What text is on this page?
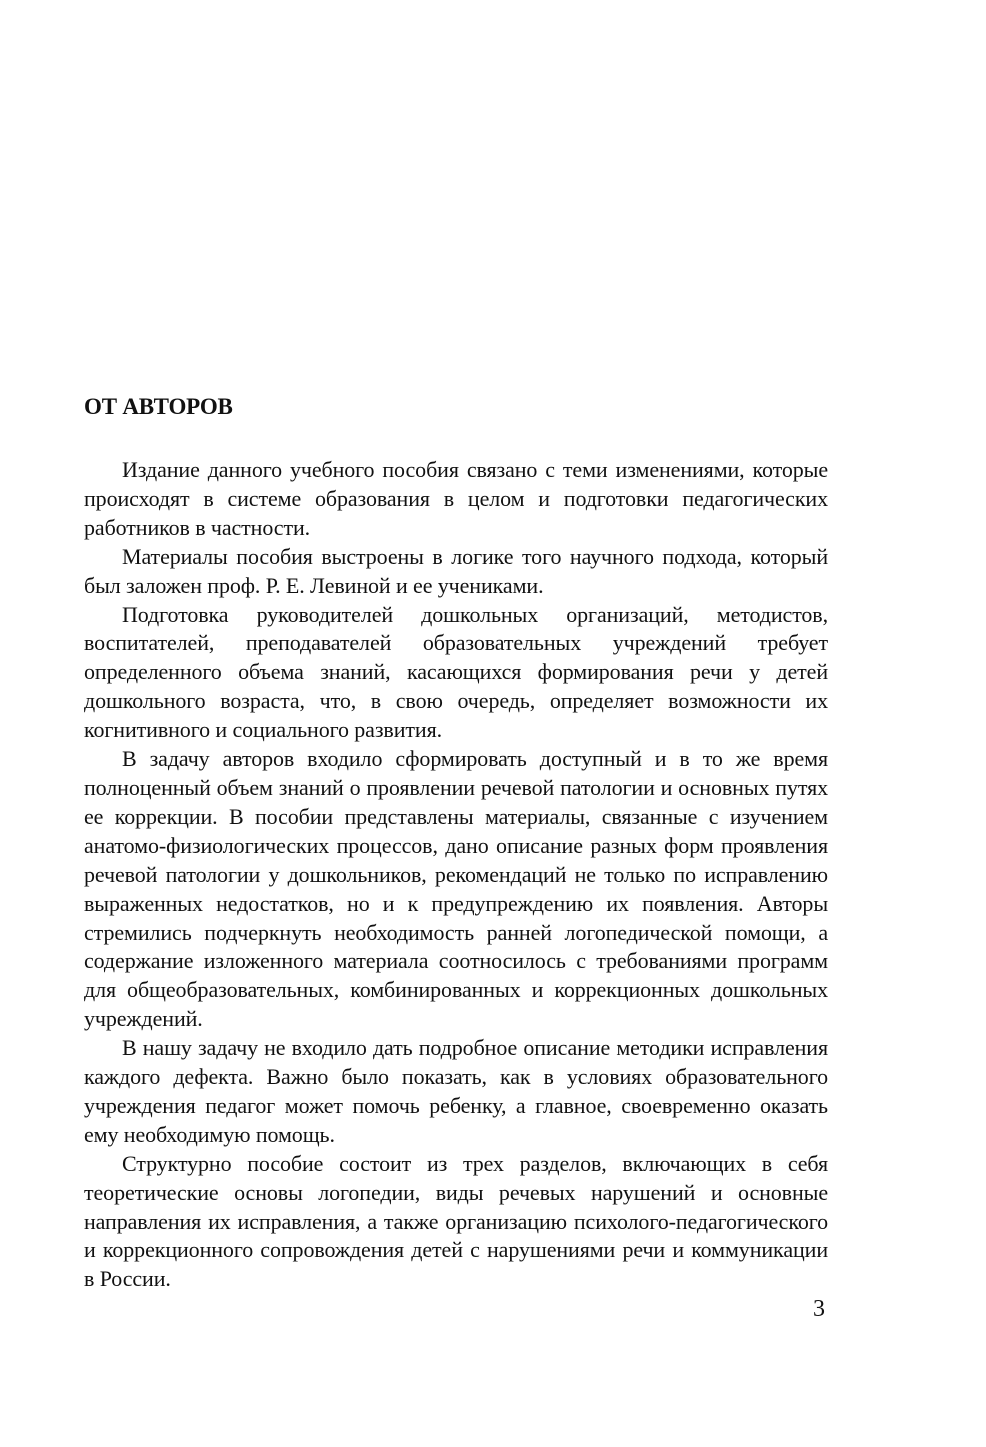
ОТ АВТОРОВ

Издание данного учебного пособия связано с теми изменениями, которые происходят в системе образования в целом и подготовки педагогических работников в частности.

Материалы пособия выстроены в логике того научного подхода, который был заложен проф. Р. Е. Левиной и ее учениками.

Подготовка руководителей дошкольных организаций, методистов, воспитателей, преподавателей образовательных учреждений требует определенного объема знаний, касающихся формирования речи у детей дошкольного возраста, что, в свою очередь, определяет возможности их когнитивного и социального развития.

В задачу авторов входило сформировать доступный и в то же время полноценный объем знаний о проявлении речевой патологии и основных путях ее коррекции. В пособии представлены материалы, связанные с изучением анатомо-физиологических процессов, дано описание разных форм проявления речевой патологии у дошкольников, рекомендаций не только по исправлению выраженных недостатков, но и к предупреждению их появления. Авторы стремились подчеркнуть необходимость ранней логопедической помощи, а содержание изложенного материала соотносилось с требованиями программ для общеобразовательных, комбинированных и коррекционных дошкольных учреждений.

В нашу задачу не входило дать подробное описание методики исправления каждого дефекта. Важно было показать, как в условиях образовательного учреждения педагог может помочь ребенку, а главное, своевременно оказать ему необходимую помощь.

Структурно пособие состоит из трех разделов, включающих в себя теоретические основы логопедии, виды речевых нарушений и основные направления их исправления, а также организацию психолого-педагогического и коррекционного сопровождения детей с нарушениями речи и коммуникации в России.

3
